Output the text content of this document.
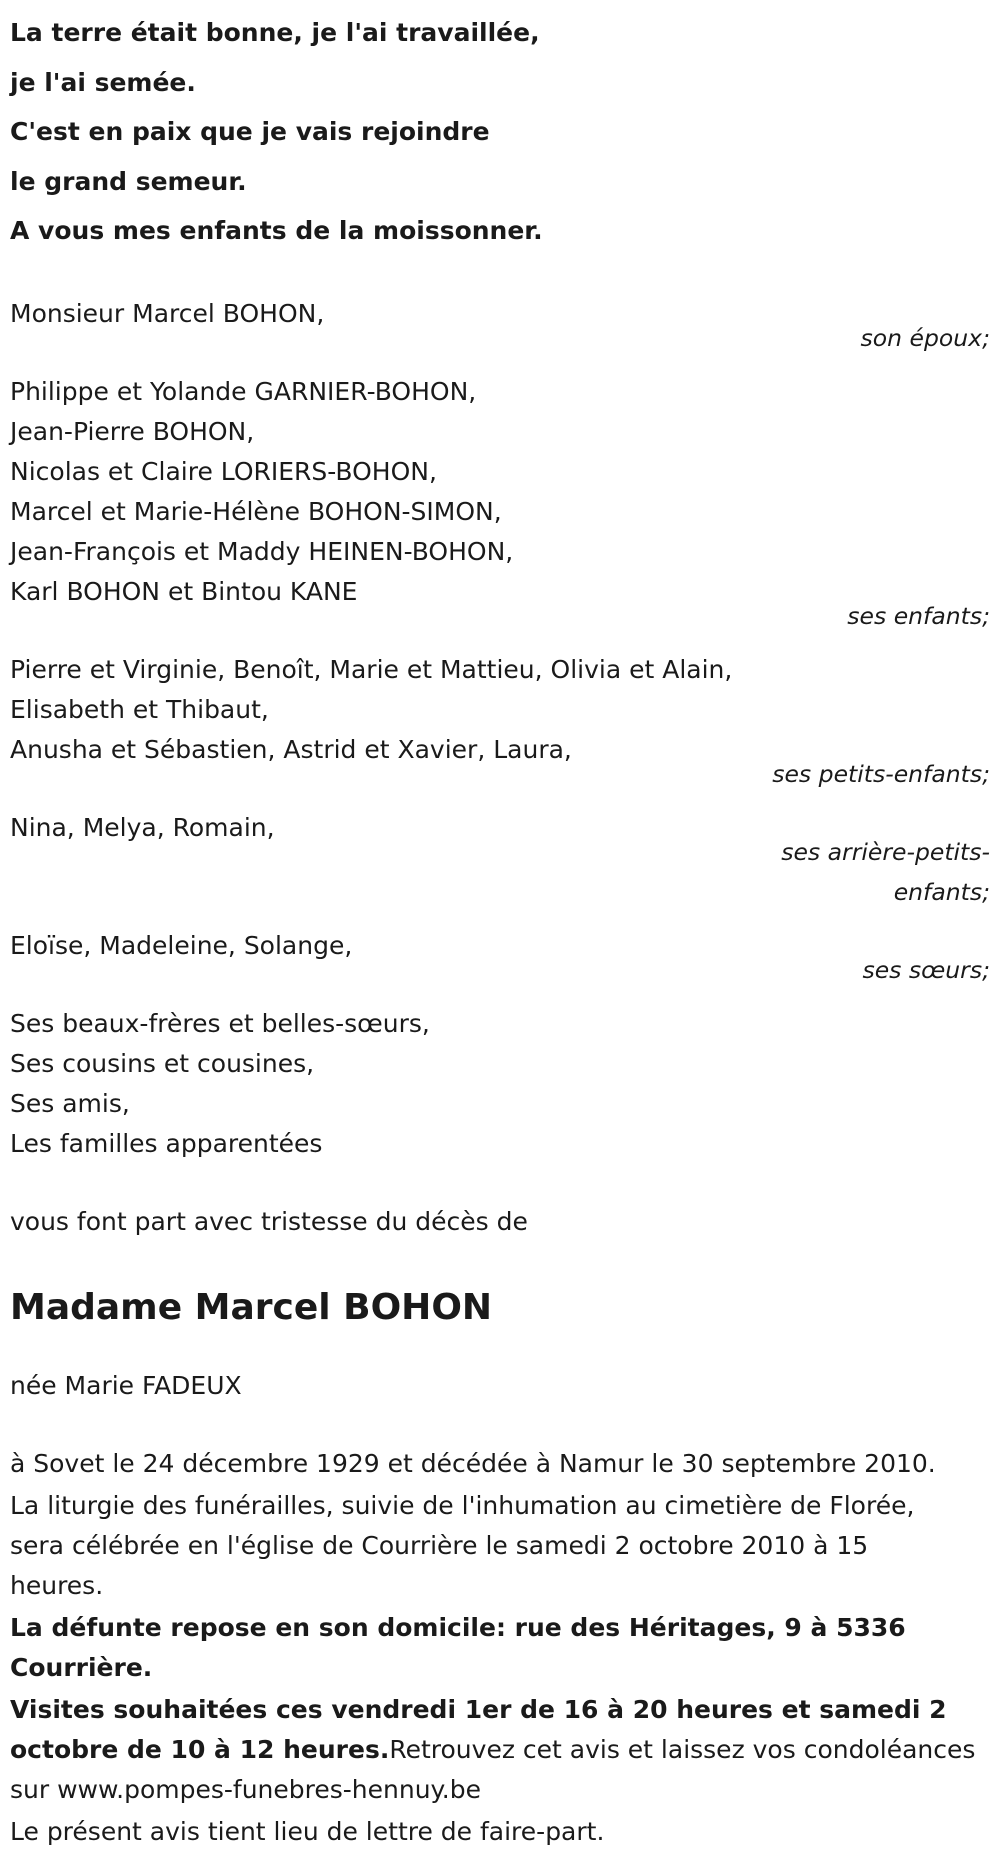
La terre était bonne, je l'ai travaillée,
je l'ai semée.
C'est en paix que je vais rejoindre
le grand semeur.
A vous mes enfants de la moissonner.
Monsieur Marcel BOHON,
son époux;
Philippe et Yolande GARNIER-BOHON,
Jean-Pierre BOHON,
Nicolas et Claire LORIERS-BOHON,
Marcel et Marie-Hélène BOHON-SIMON,
Jean-François et Maddy HEINEN-BOHON,
Karl BOHON et Bintou KANE
ses enfants;
Pierre et Virginie, Benoît, Marie et Mattieu, Olivia et Alain,
Elisabeth et Thibaut,
Anusha et Sébastien, Astrid et Xavier, Laura,
ses petits-enfants;
Nina, Melya, Romain,
ses arrière-petits-
enfants;
Eloïse, Madeleine, Solange,
ses sœurs;
Ses beaux-frères et belles-sœurs,
Ses cousins et cousines,
Ses amis,
Les familles apparentées
vous font part avec tristesse du décès de
Madame Marcel BOHON
née Marie FADEUX
à Sovet le 24 décembre 1929 et décédée à Namur le 30 septembre 2010.
La liturgie des funérailles, suivie de l'inhumation au cimetière de Florée,
sera célébrée en l'église de Courrière le samedi 2 octobre 2010 à 15
heures.
La défunte repose en son domicile: rue des Héritages, 9 à 5336
Courrière.
Visites souhaitées ces vendredi 1er de 16 à 20 heures et samedi 2
octobre de 10 à 12 heures.Retrouvez cet avis et laissez vos condoléances
sur www.pompes-funebres-hennuy.be
Le présent avis tient lieu de lettre de faire-part.
